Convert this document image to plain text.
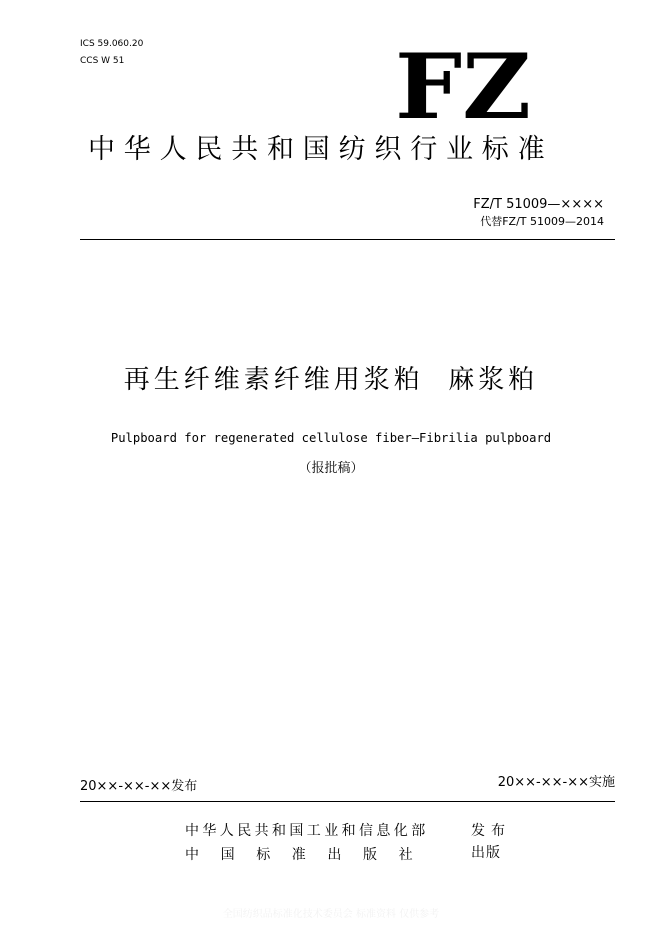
ICS 59.060.20
CCS W 51	FZ
中华人民共和国纺织行业标准
FZ/T 51009—××××
代替FZ/T 51009—2014
再生纤维素纤维用浆粕  麻浆粕
Pulpboard for regenerated cellulose fiber—Fibrilia pulpboard
（报批稿）
20××-××-××发布	20××-××-××实施
中华人民共和国工业和信息化部
中国标准出版社
发布
出版
全国纺织品标准化技术委员会 标准资料 仅供参考
